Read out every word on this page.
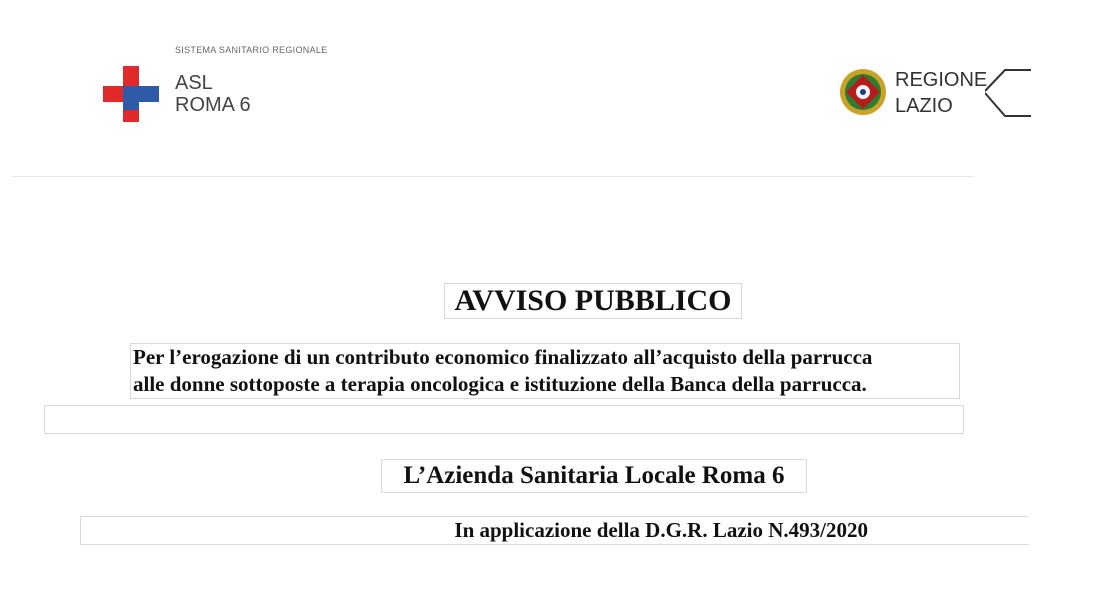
SISTEMA SANITARIO REGIONALE
ASL
ROMA 6
REGIONE
LAZIO
AVVISO PUBBLICO
Per l’erogazione di un contributo economico finalizzato all’acquisto della parrucca
alle donne sottoposte a terapia oncologica e istituzione della Banca della parrucca.
L’Azienda Sanitaria Locale Roma 6
In applicazione della D.G.R. Lazio N.493/2020
